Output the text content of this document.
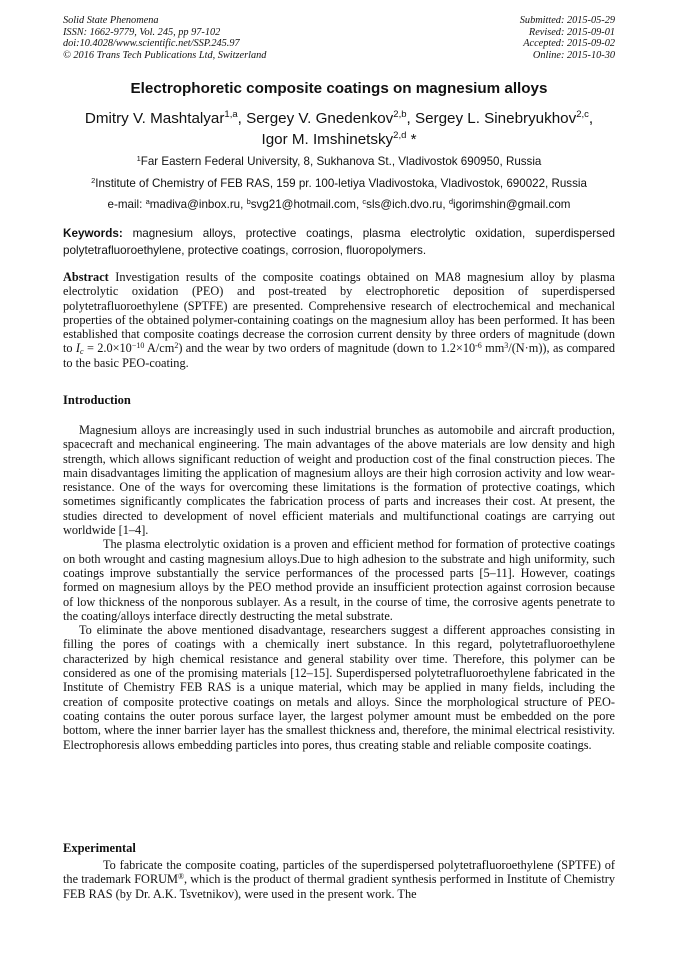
Solid State Phenomena
ISSN: 1662-9779, Vol. 245, pp 97-102
doi:10.4028/www.scientific.net/SSP.245.97
© 2016 Trans Tech Publications Ltd, Switzerland
Submitted: 2015-05-29
Revised: 2015-09-01
Accepted: 2015-09-02
Online: 2015-10-30
Electrophoretic composite coatings on magnesium alloys
Dmitry V. Mashtalyar$^{1,a}$, Sergey V. Gnedenkov$^{2,b}$, Sergey L. Sinebryukhov$^{2,c}$,
Igor M. Imshinetsky$^{2,d}$ *
$^1$Far Eastern Federal University, 8, Sukhanova St., Vladivostok 690950, Russia
$^2$Institute of Chemistry of FEB RAS, 159 pr. 100-letiya Vladivostoka, Vladivostok, 690022, Russia
e-mail: $^a$madiva@inbox.ru, $^b$svg21@hotmail.com, $^c$sls@ich.dvo.ru, $^d$igorimshin@gmail.com
Keywords: magnesium alloys, protective coatings, plasma electrolytic oxidation, superdispersed polytetrafluoroethylene, protective coatings, corrosion, fluoropolymers.

Abstract Investigation results of the composite coatings obtained on MA8 magnesium alloy by plasma electrolytic oxidation (PEO) and post-treated by electrophoretic deposition of superdispersed polytetrafluoroethylene (SPTFE) are presented. Comprehensive research of electrochemical and mechanical properties of the obtained polymer-containing coatings on the magnesium alloy has been performed. It has been established that composite coatings decrease the corrosion current density by three orders of magnitude (down to $I_c = 2.0\times 10^{-10}$ $A/cm^2$) and the wear by two orders of magnitude (down to $1.2\times 10^{-6}$ $mm^3/(N\cdot m)$), as compared to the basic PEO-coating.

Introduction

Magnesium alloys are increasingly used in such industrial brunches as automobile and aircraft production, spacecraft and mechanical engineering. The main advantages of the above materials are low density and high strength, which allows significant reduction of weight and production cost of the final construction pieces. The main disadvantages limiting the application of magnesium alloys are their high corrosion activity and low wear-resistance. One of the ways for overcoming these limitations is the formation of protective coatings, which sometimes significantly complicates the fabrication process of parts and increases their cost. At present, the studies directed to development of novel efficient materials and multifunctional coatings are carrying out worldwide [1–4].

The plasma electrolytic oxidation is a proven and efficient method for formation of protective coatings on both wrought and casting magnesium alloys.Due to high adhesion to the substrate and high uniformity, such coatings improve substantially the service performances of the processed parts [5–11]. However, coatings formed on magnesium alloys by the PEO method provide an insufficient protection against corrosion because of low thickness of the nonporous sublayer. As a result, in the course of time, the corrosive agents penetrate to the coating/alloys interface directly destructing the metal substrate.

To eliminate the above mentioned disadvantage, researchers suggest a different approaches consisting in filling the pores of coatings with a chemically inert substance. In this regard, polytetrafluoroethylene characterized by high chemical resistance and general stability over time. Therefore, this polymer can be considered as one of the promising materials [12–15]. Superdispersed polytetrafluoroethylene fabricated in the Institute of Chemistry FEB RAS is a unique material, which may be applied in many fields, including the creation of composite protective coatings on metals and alloys. Since the morphological structure of PEO-coating contains the outer porous surface layer, the largest polymer amount must be embedded on the pore bottom, where the inner barrier layer has the smallest thickness and, therefore, the minimal electrical resistivity. Electrophoresis allows embedding particles into pores, thus creating stable and reliable composite coatings.

Experimental

To fabricate the composite coating, particles of the superdispersed polytetrafluoroethylene (SPTFE) of the trademark FORUM®, which is the product of thermal gradient synthesis performed in Institute of Chemistry FEB RAS (by Dr. A.K. Tsvetnikov), were used in the present work. The
